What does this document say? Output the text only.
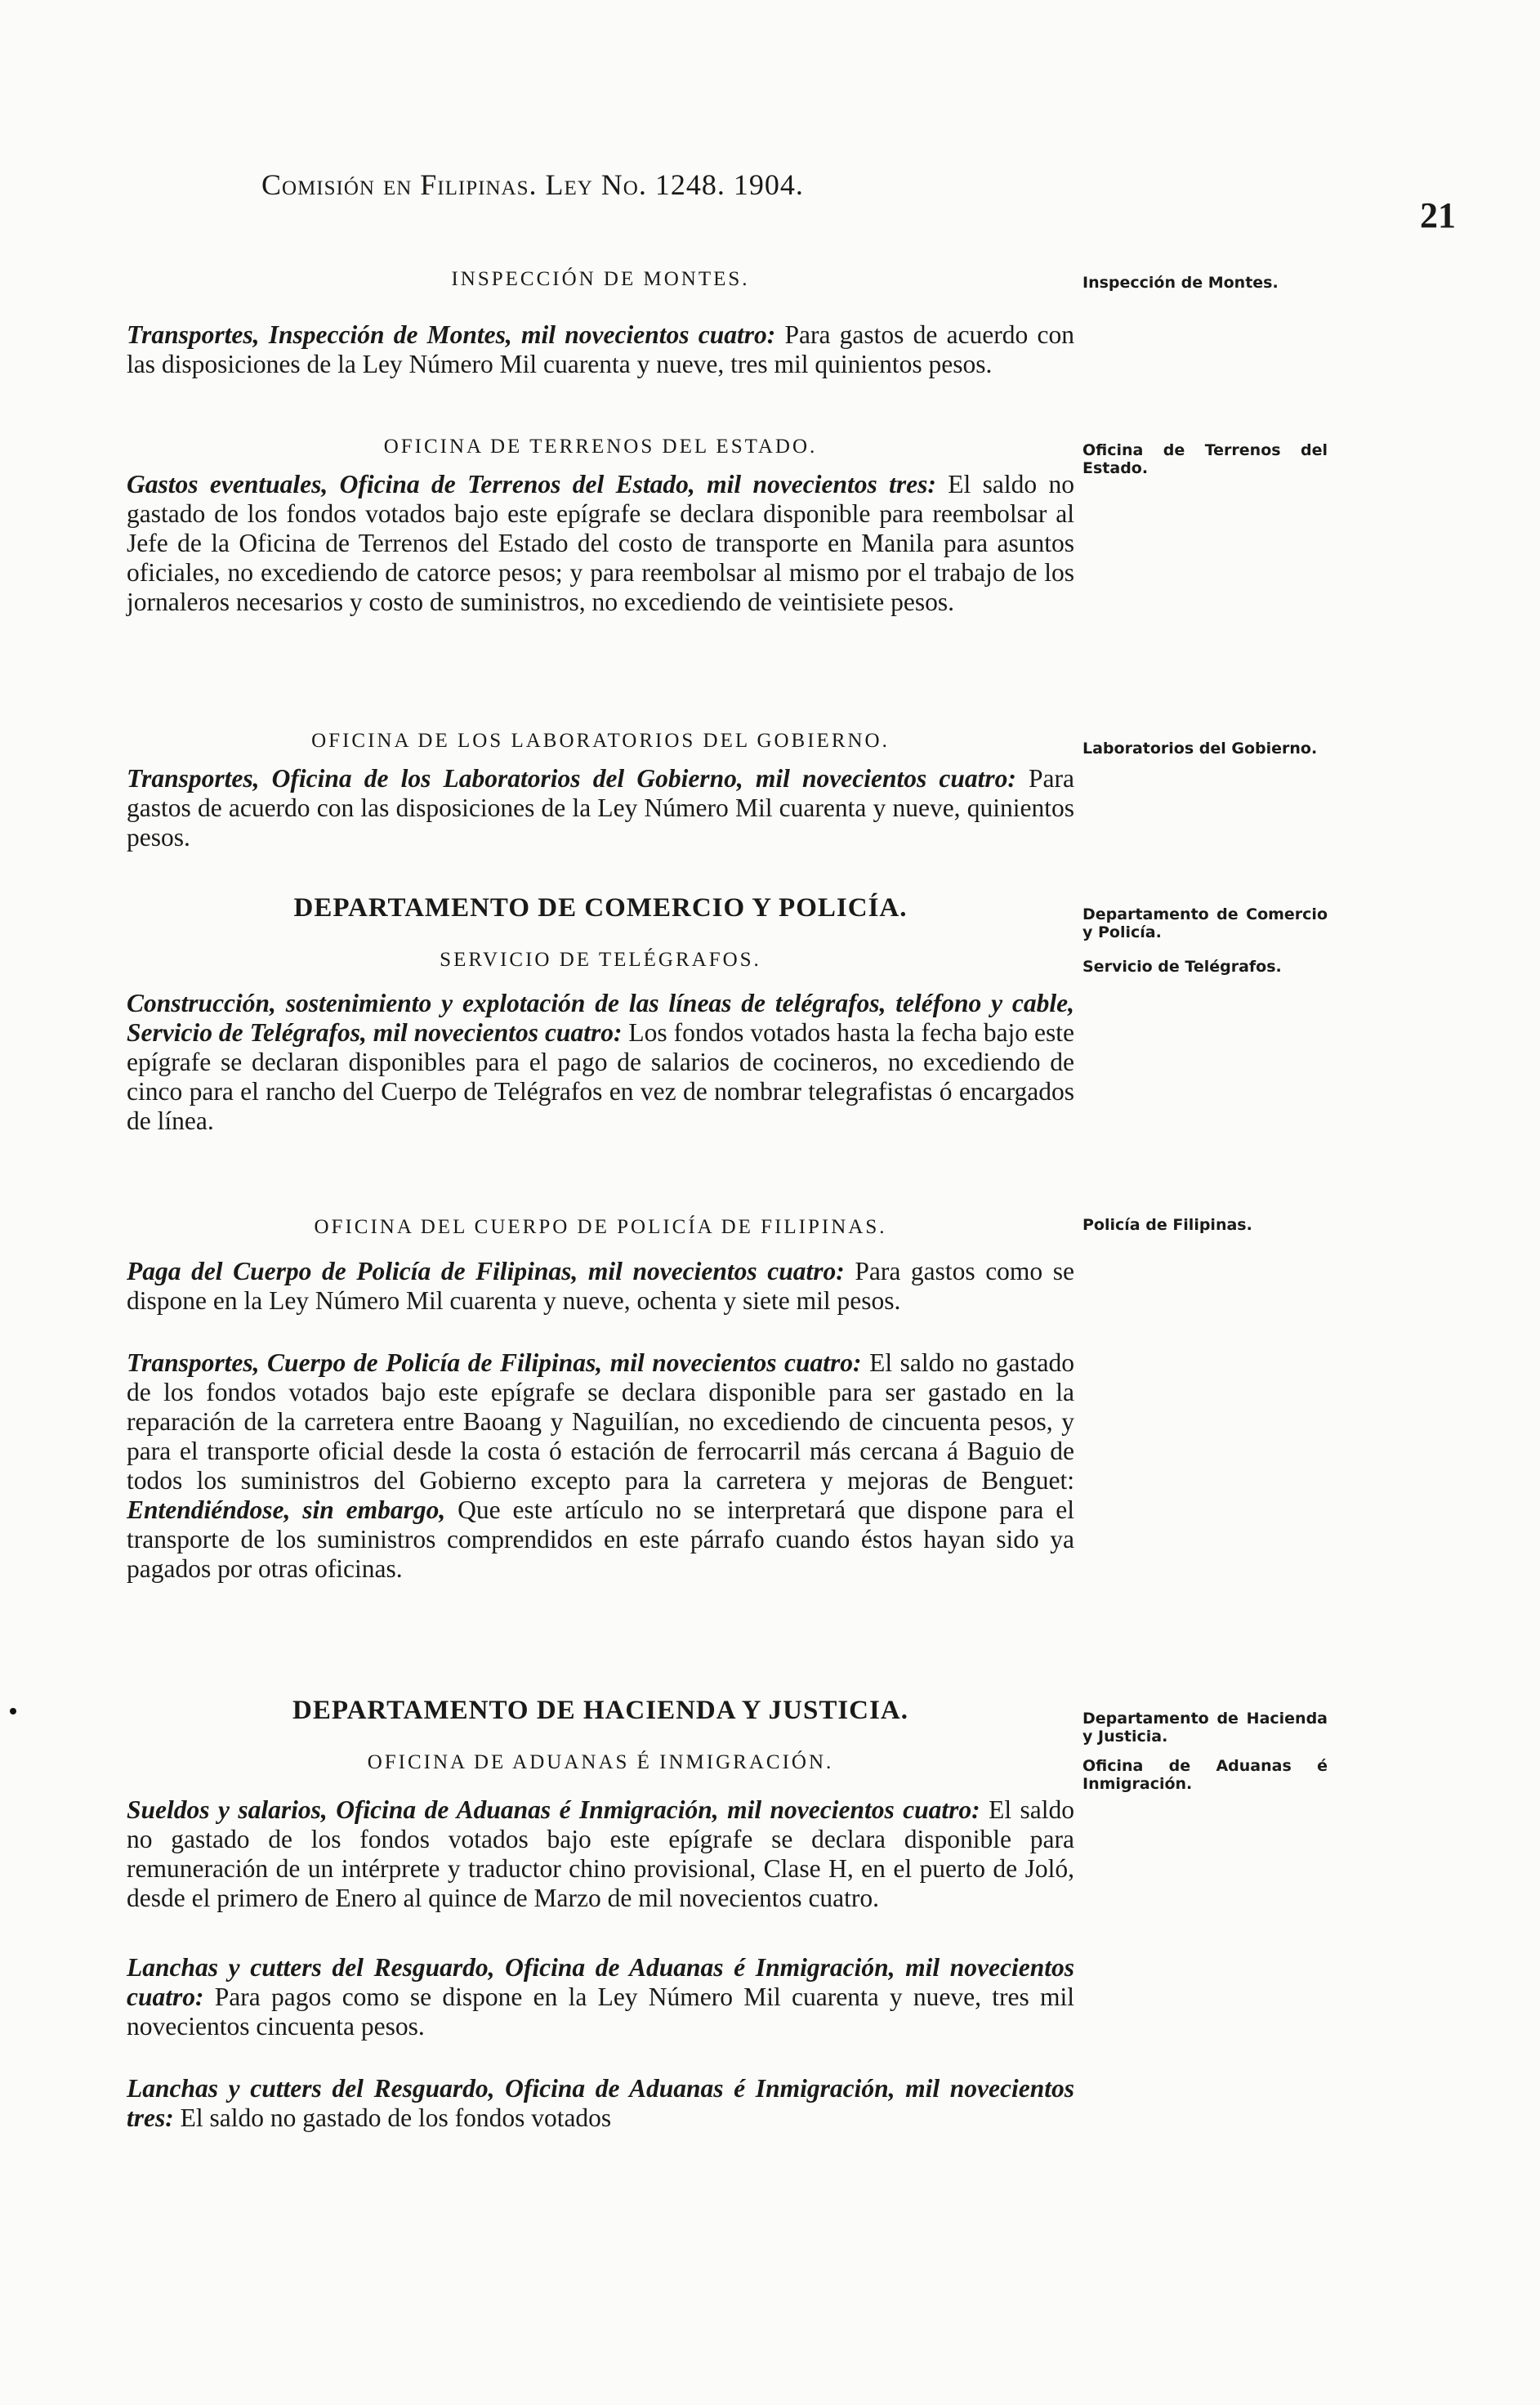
Comisión en Filipinas. Ley No. 1248. 1904.
21
INSPECCIÓN DE MONTES.	Inspección de Montes.

Transportes, Inspección de Montes, mil novecientos cuatro: Para gastos de acuerdo con las disposiciones de la Ley Número Mil cuarenta y nueve, tres mil quinientos pesos.

OFICINA DE TERRENOS DEL ESTADO.	Oficina de Terrenos del Estado.

Gastos eventuales, Oficina de Terrenos del Estado, mil novecientos tres: El saldo no gastado de los fondos votados bajo este epígrafe se declara disponible para reembolsar al Jefe de la Oficina de Terrenos del Estado del costo de transporte en Manila para asuntos oficiales, no excediendo de catorce pesos; y para reembolsar al mismo por el trabajo de los jornaleros necesarios y costo de suministros, no excediendo de veintisiete pesos.

OFICINA DE LOS LABORATORIOS DEL GOBIERNO.	Laboratorios del Gobierno.

Transportes, Oficina de los Laboratorios del Gobierno, mil novecientos cuatro: Para gastos de acuerdo con las disposiciones de la Ley Número Mil cuarenta y nueve, quinientos pesos.

DEPARTAMENTO DE COMERCIO Y POLICÍA.	Departamento de Comercio y Policía.
SERVICIO DE TELÉGRAFOS.	Servicio de Telégrafos.

Construcción, sostenimiento y explotación de las líneas de telégrafos, teléfono y cable, Servicio de Telégrafos, mil novecientos cuatro: Los fondos votados hasta la fecha bajo este epígrafe se declaran disponibles para el pago de salarios de cocineros, no excediendo de cinco para el rancho del Cuerpo de Telégrafos en vez de nombrar telegrafistas ó encargados de línea.

OFICINA DEL CUERPO DE POLICÍA DE FILIPINAS.	Policía de Filipinas.

Paga del Cuerpo de Policía de Filipinas, mil novecientos cuatro: Para gastos como se dispone en la Ley Número Mil cuarenta y nueve, ochenta y siete mil pesos.

Transportes, Cuerpo de Policía de Filipinas, mil novecientos cuatro: El saldo no gastado de los fondos votados bajo este epígrafe se declara disponible para ser gastado en la reparación de la carretera entre Baoang y Naguilían, no excediendo de cincuenta pesos, y para el transporte oficial desde la costa ó estación de ferrocarril más cercana á Baguio de todos los suministros del Gobierno excepto para la carretera y mejoras de Benguet: Entendiéndose, sin embargo, Que este artículo no se interpretará que dispone para el transporte de los suministros comprendidos en este párrafo cuando éstos hayan sido ya pagados por otras oficinas.

DEPARTAMENTO DE HACIENDA Y JUSTICIA.	Departamento de Hacienda y Justicia.
OFICINA DE ADUANAS É INMIGRACIÓN.	Oficina de Aduanas é Inmigración.

Sueldos y salarios, Oficina de Aduanas é Inmigración, mil novecientos cuatro: El saldo no gastado de los fondos votados bajo este epígrafe se declara disponible para remuneración de un intérprete y traductor chino provisional, Clase H, en el puerto de Joló, desde el primero de Enero al quince de Marzo de mil novecientos cuatro.

Lanchas y cutters del Resguardo, Oficina de Aduanas é Inmigración, mil novecientos cuatro: Para pagos como se dispone en la Ley Número Mil cuarenta y nueve, tres mil novecientos cincuenta pesos.

Lanchas y cutters del Resguardo, Oficina de Aduanas é Inmigración, mil novecientos tres: El saldo no gastado de los fondos votados
